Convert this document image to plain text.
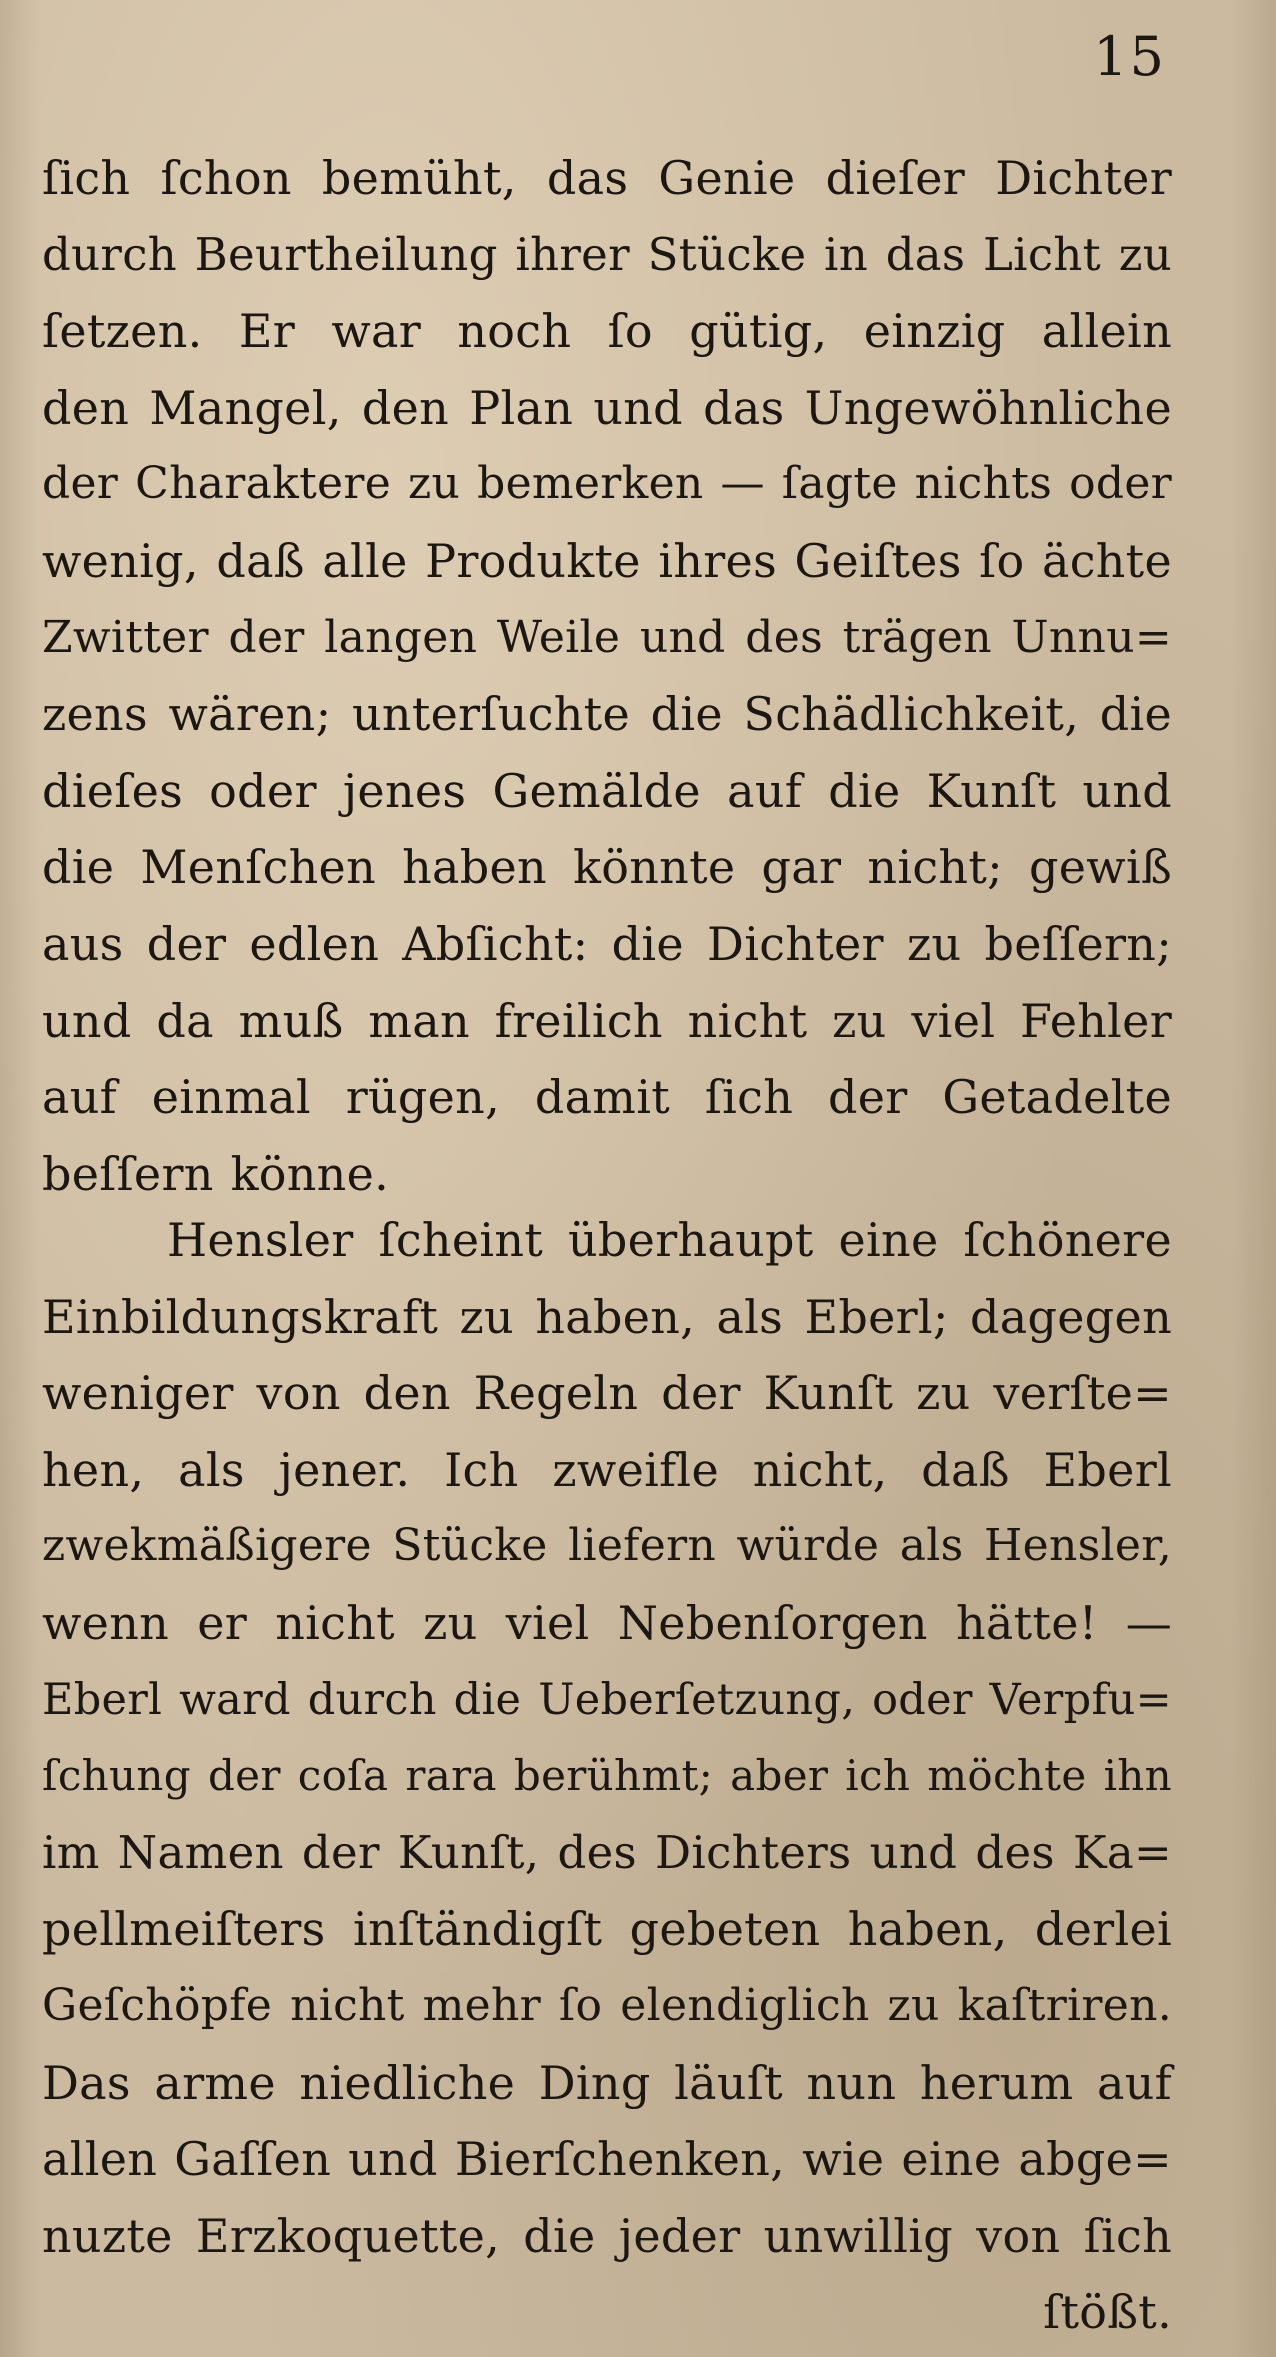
15
ſich ſchon bemüht, das Genie dieſer Dichter
durch Beurtheilung ihrer Stücke in das Licht zu
ſetzen. Er war noch ſo gütig, einzig allein
den Mangel, den Plan und das Ungewöhnliche
der Charaktere zu bemerken — ſagte nichts oder
wenig, daß alle Produkte ihres Geiſtes ſo ächte
Zwitter der langen Weile und des trägen Unnu=
zens wären; unterſuchte die Schädlichkeit, die
dieſes oder jenes Gemälde auf die Kunſt und
die Menſchen haben könnte gar nicht; gewiß
aus der edlen Abſicht: die Dichter zu beſſern;
und da muß man freilich nicht zu viel Fehler
auf einmal rügen, damit ſich der Getadelte
beſſern könne.
Hensler ſcheint überhaupt eine ſchönere
Einbildungskraft zu haben, als Eberl; dagegen
weniger von den Regeln der Kunſt zu verſte=
hen, als jener. Ich zweifle nicht, daß Eberl
zwekmäßigere Stücke liefern würde als Hensler,
wenn er nicht zu viel Nebenſorgen hätte! —
Eberl ward durch die Ueberſetzung, oder Verpfu=
ſchung der coſa rara berühmt; aber ich möchte ihn
im Namen der Kunſt, des Dichters und des Ka=
pellmeiſters inſtändigſt gebeten haben, derlei
Geſchöpfe nicht mehr ſo elendiglich zu kaſtriren.
Das arme niedliche Ding läuſt nun herum auf
allen Gaſſen und Bierſchenken, wie eine abge=
nuzte Erzkoquette, die jeder unwillig von ſich
ſtößt.
